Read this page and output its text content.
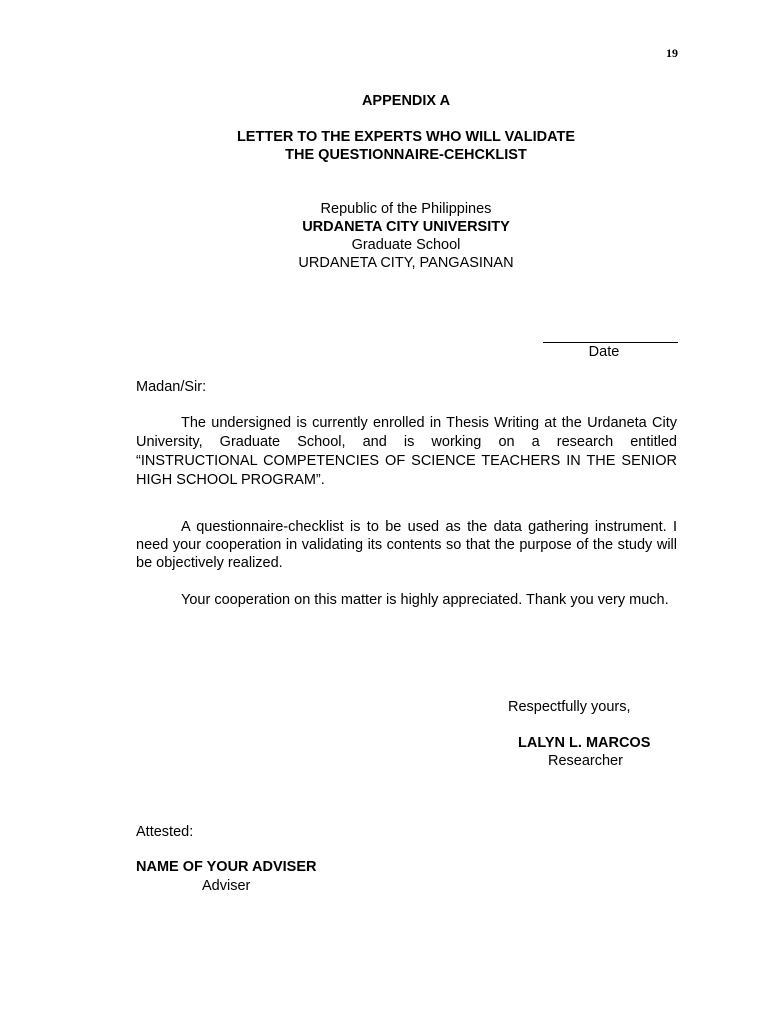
19
APPENDIX A
LETTER TO THE EXPERTS WHO WILL VALIDATE
THE QUESTIONNAIRE-CEHCKLIST
Republic of the Philippines
URDANETA CITY UNIVERSITY
Graduate School
URDANETA CITY, PANGASINAN
Date
Madan/Sir:
The undersigned is currently enrolled in Thesis Writing at the Urdaneta City University, Graduate School, and is working on a research entitled “INSTRUCTIONAL COMPETENCIES OF SCIENCE TEACHERS IN THE SENIOR HIGH SCHOOL PROGRAM”.
A questionnaire-checklist is to be used as the data gathering instrument. I need your cooperation in validating its contents so that the purpose of the study will be objectively realized.
Your cooperation on this matter is highly appreciated. Thank you very much.
Respectfully yours,
LALYN L. MARCOS
Researcher
Attested:
NAME OF YOUR ADVISER
Adviser
